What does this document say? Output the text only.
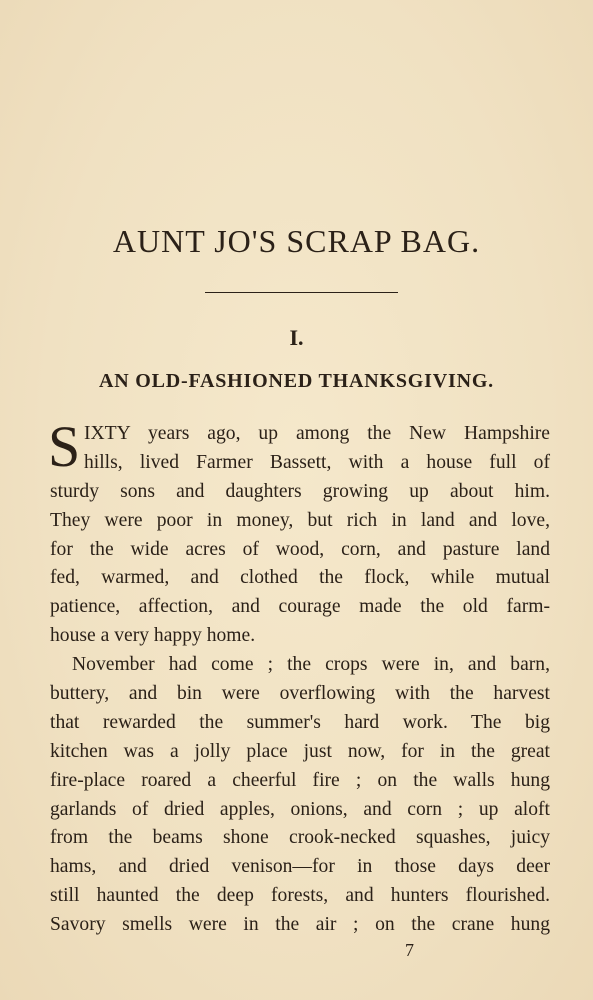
AUNT JO'S SCRAP BAG.
I.
AN OLD-FASHIONED THANKSGIVING.
S IXTY years ago, up among the New Hampshire
hills, lived Farmer Bassett, with a house full of
sturdy sons and daughters growing up about him.
They were poor in money, but rich in land and love,
for the wide acres of wood, corn, and pasture land
fed, warmed, and clothed the flock, while mutual
patience, affection, and courage made the old farm-
house a very happy home.
November had come ; the crops were in, and barn,
buttery, and bin were overflowing with the harvest
that rewarded the summer's hard work. The big
kitchen was a jolly place just now, for in the great
fire-place roared a cheerful fire ; on the walls hung
garlands of dried apples, onions, and corn ; up aloft
from the beams shone crook-necked squashes, juicy
hams, and dried venison—for in those days deer
still haunted the deep forests, and hunters flourished.
Savory smells were in the air ; on the crane hung
7
